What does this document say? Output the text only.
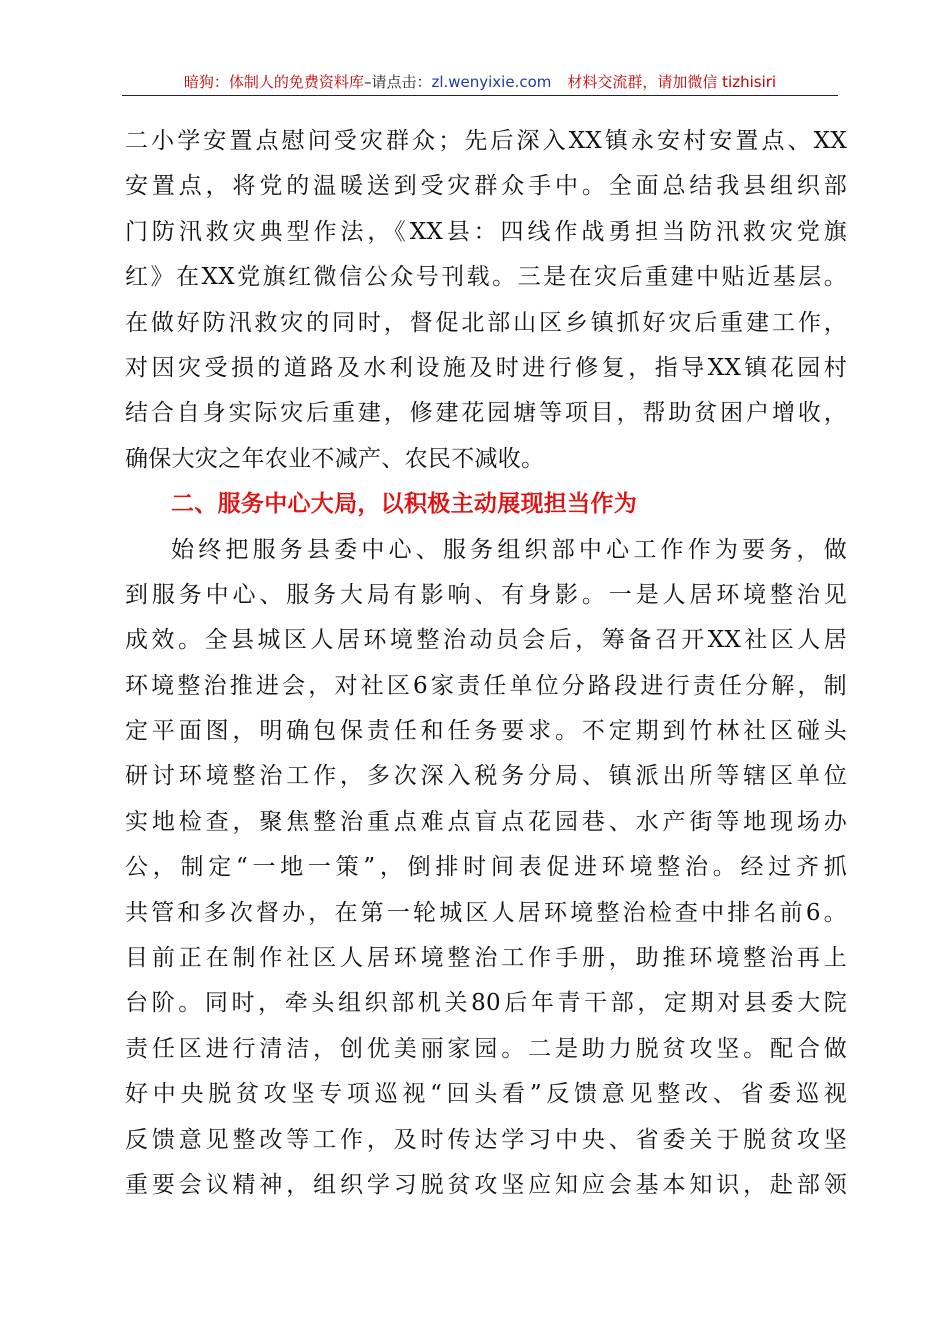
暗狗：体制人的免费资料库–请点击：zl.wenyixie.com 材料交流群，请加微信 tizhisiri
二小学安置点慰问受灾群众；先后深入XX镇永安村安置点、XX
安置点，将党的温暖送到受灾群众手中。全面总结我县组织部
门防汛救灾典型作法，《XX县：四线作战勇担当防汛救灾党旗
红》在XX党旗红微信公众号刊载。三是在灾后重建中贴近基层。
在做好防汛救灾的同时，督促北部山区乡镇抓好灾后重建工作，
对因灾受损的道路及水利设施及时进行修复，指导XX镇花园村
结合自身实际灾后重建，修建花园塘等项目，帮助贫困户增收，
确保大灾之年农业不减产、农民不减收。
二、服务中心大局，以积极主动展现担当作为
始终把服务县委中心、服务组织部中心工作作为要务，做
到服务中心、服务大局有影响、有身影。一是人居环境整治见
成效。全县城区人居环境整治动员会后，筹备召开XX社区人居
环境整治推进会，对社区6家责任单位分路段进行责任分解，制
定平面图，明确包保责任和任务要求。不定期到竹林社区碰头
研讨环境整治工作，多次深入税务分局、镇派出所等辖区单位
实地检查，聚焦整治重点难点盲点花园巷、水产街等地现场办
公，制定“一地一策”，倒排时间表促进环境整治。经过齐抓
共管和多次督办，在第一轮城区人居环境整治检查中排名前6。
目前正在制作社区人居环境整治工作手册，助推环境整治再上
台阶。同时，牵头组织部机关80后年青干部，定期对县委大院
责任区进行清洁，创优美丽家园。二是助力脱贫攻坚。配合做
好中央脱贫攻坚专项巡视“回头看”反馈意见整改、省委巡视
反馈意见整改等工作，及时传达学习中央、省委关于脱贫攻坚
重要会议精神，组织学习脱贫攻坚应知应会基本知识，赴部领
